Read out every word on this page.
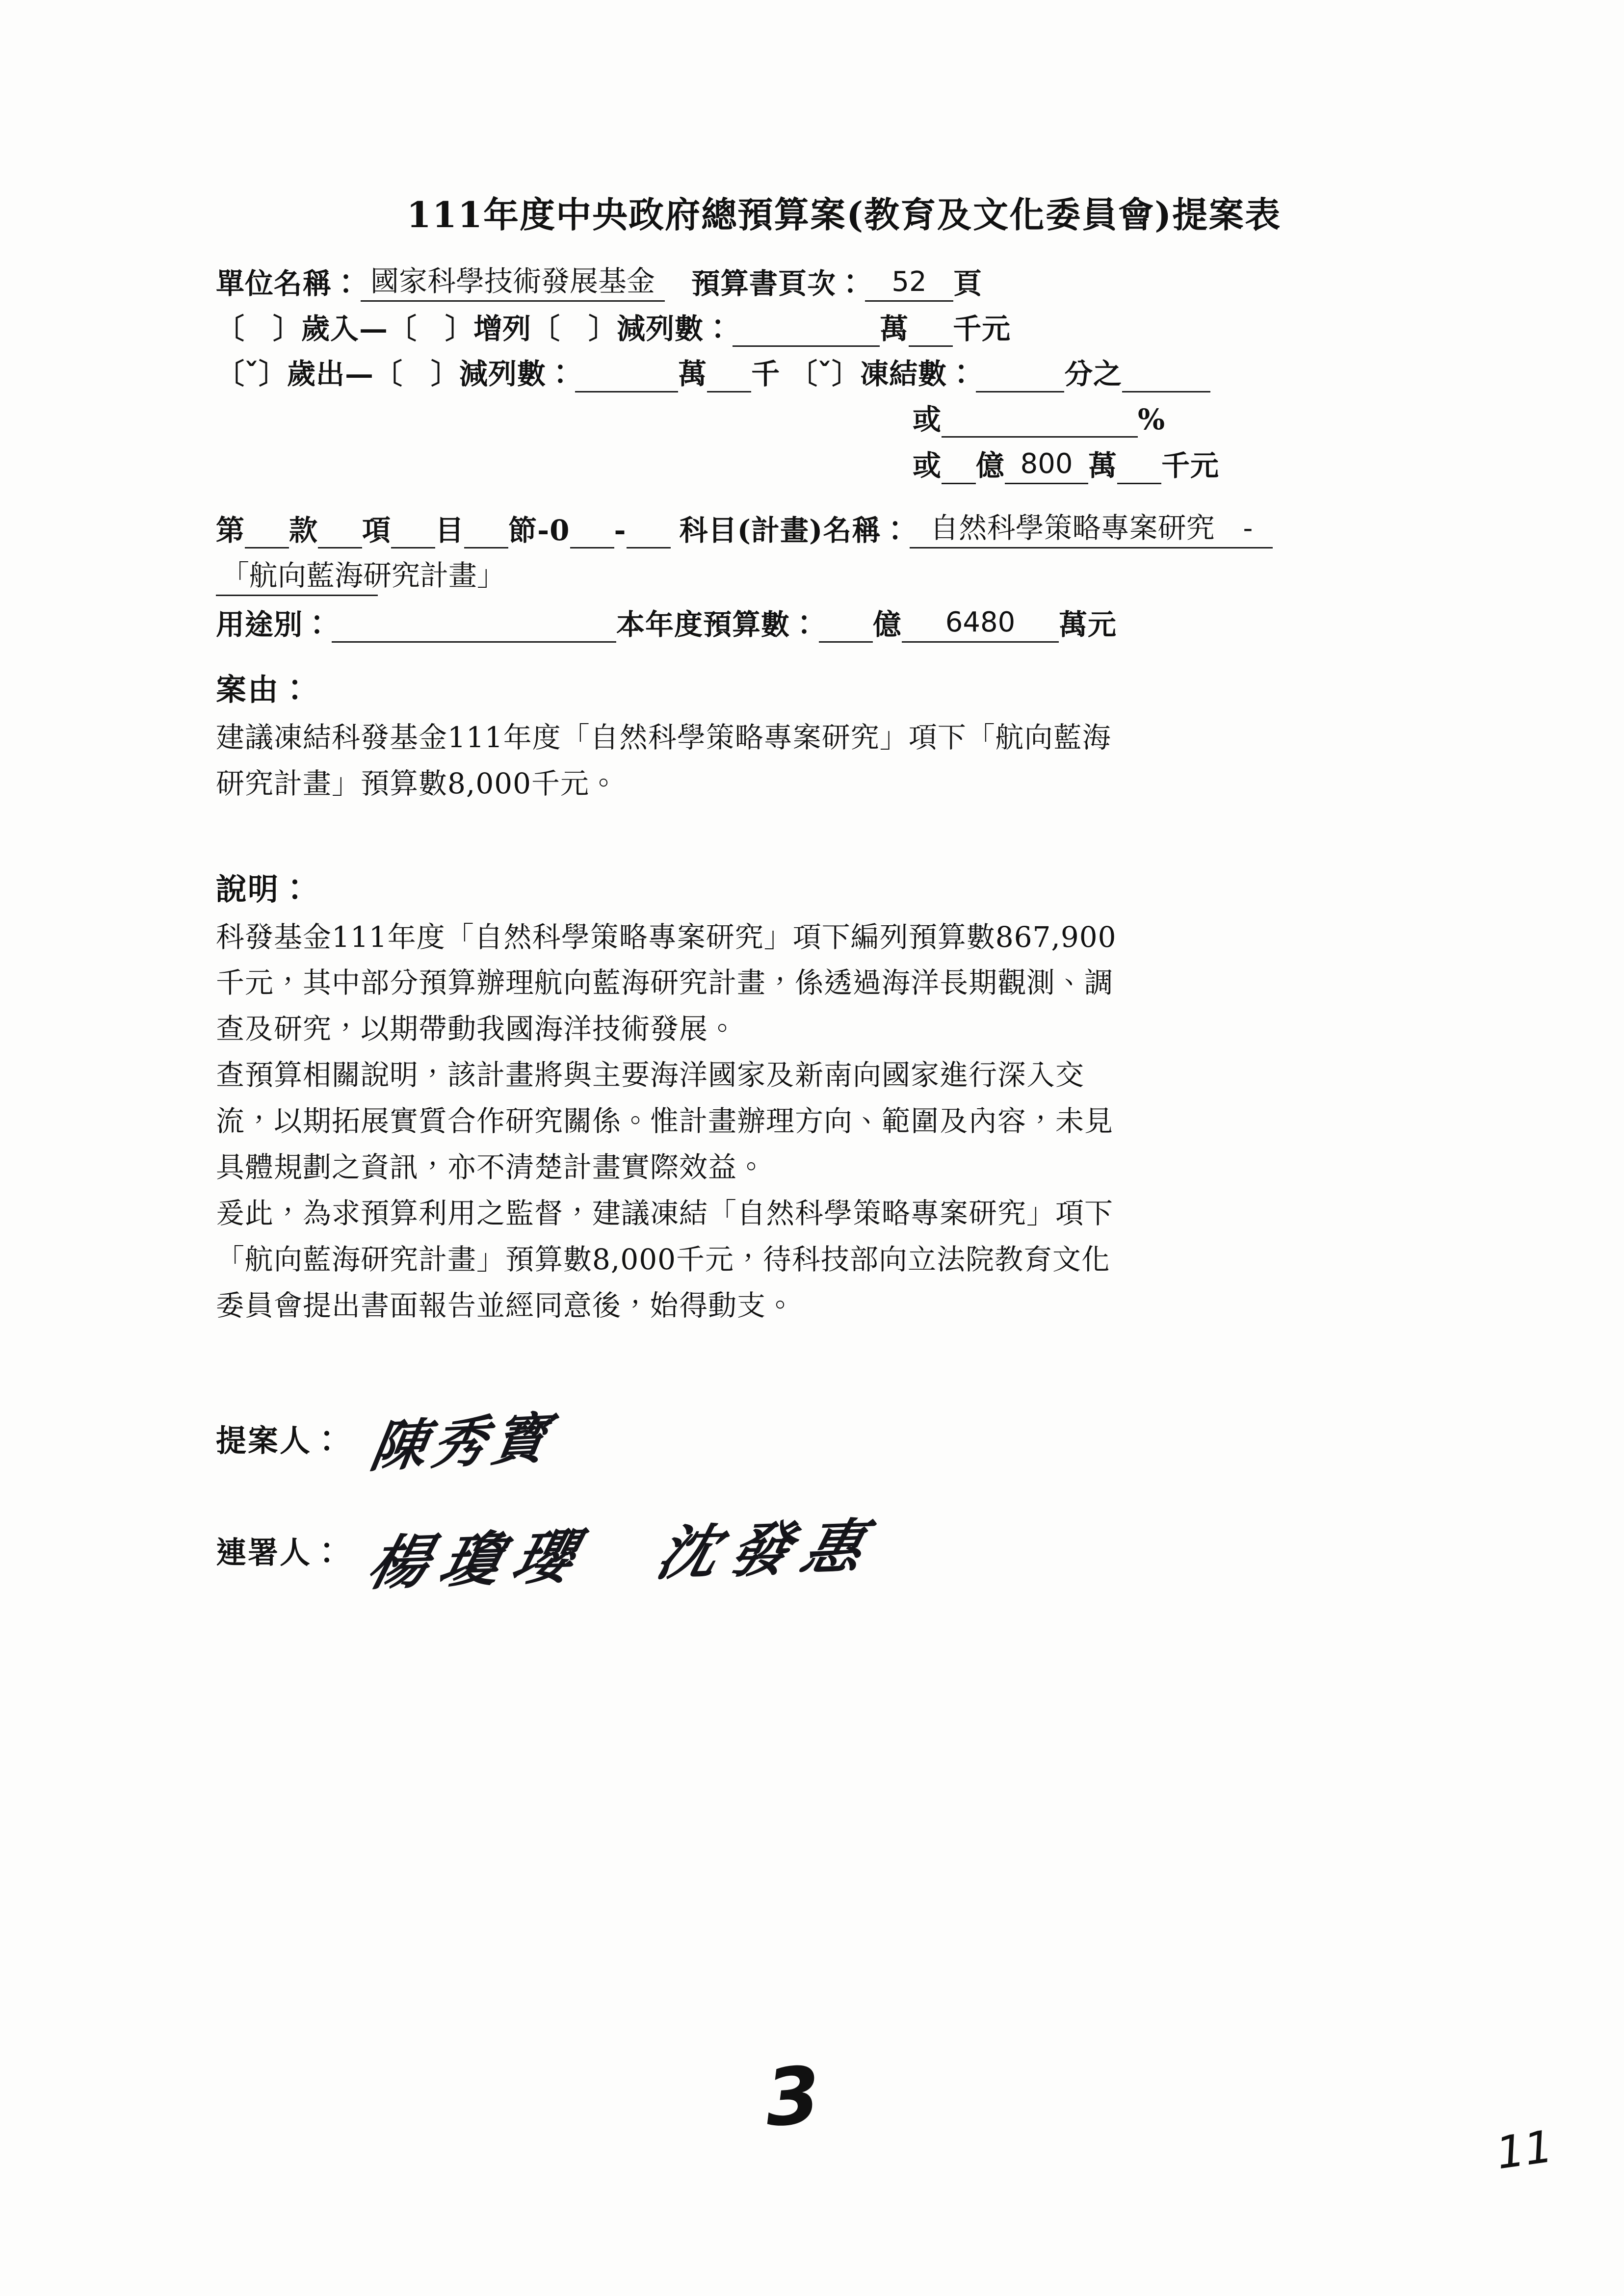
111年度中央政府總預算案(教育及文化委員會)提案表
單位名稱： 國家科學技術發展基金	預算書頁次： 52 頁
〔　〕 歲入— 〔　〕 增列 〔　〕 減列數：	萬 千元
〔ˇ〕 歲出— 〔　〕 減列數：	萬 千 〔ˇ〕 凍結數：	分之
或	%
或 億 800 萬 千元
第 款 項 目 節-0 - 科目(計畫)名稱： 自然科學策略專案研究　-
「航向藍海研究計畫」
用途別：	本年度預算數： 億	6480	萬元
案由：

建議凍結科發基金111年度「自然科學策略專案研究」項下「航向藍海

研究計畫」預算數8,000千元。

說明：

科發基金111年度「自然科學策略專案研究」項下編列預算數867,900

千元，其中部分預算辦理航向藍海研究計畫，係透過海洋長期觀測、調

查及研究，以期帶動我國海洋技術發展。

查預算相關說明，該計畫將與主要海洋國家及新南向國家進行深入交

流，以期拓展實質合作研究關係。惟計畫辦理方向、範圍及內容，未見

具體規劃之資訊，亦不清楚計畫實際效益。

爰此，為求預算利用之監督，建議凍結「自然科學策略專案研究」項下

「航向藍海研究計畫」預算數8,000千元，待科技部向立法院教育文化

委員會提出書面報告並經同意後，始得動支。

提案人： 陳秀寳
連署人： 楊瓊瓔　沈發惠
3
11
